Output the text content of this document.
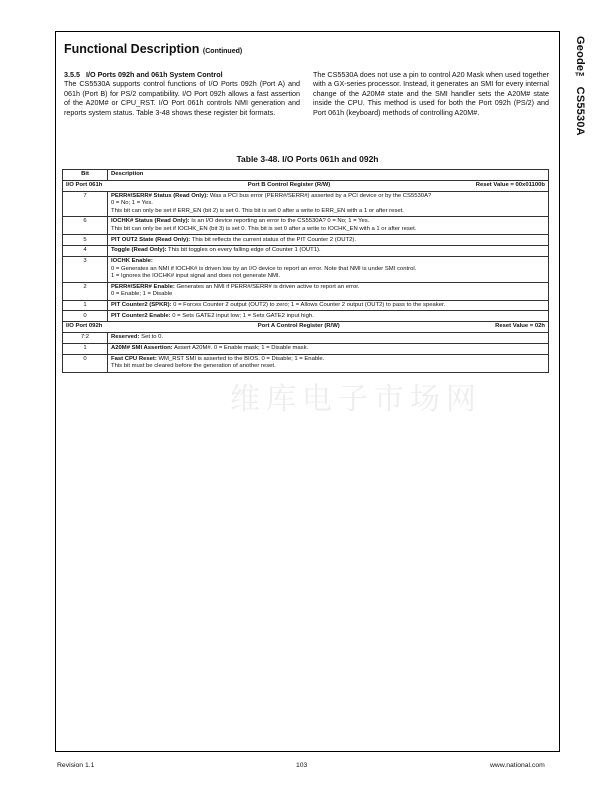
Geode™ CS5530A
Functional Description (Continued)
3.5.5 I/O Ports 092h and 061h System Control
The CS5530A supports control functions of I/O Ports 092h (Port A) and 061h (Port B) for PS/2 compatibility. I/O Port 092h allows a fast assertion of the A20M# or CPU_RST. I/O Port 061h controls NMI generation and reports system status. Table 3-48 shows these register bit formats.
The CS5530A does not use a pin to control A20 Mask when used together with a GX-series processor. Instead, it generates an SMI for every internal change of the A20M# state and the SMI handler sets the A20M# state inside the CPU. This method is used for both the Port 092h (PS/2) and Port 061h (keyboard) methods of controlling A20M#.
Table 3-48. I/O Ports 061h and 092h
维库电子市场网
Bit	Description

I/O Port 061h Port B Control Register (R/W) Reset Value = 00x01100b	

7	PERR#/SERR# Status (Read Only): Was a PCI bus error (PERR#/SERR#) asserted by a PCI device or by the CS5530A?
0 = No; 1 = Yes.
This bit can only be set if ERR_EN (bit 2) is set 0. This bit is set 0 after a write to ERR_EN with a 1 or after reset.

6	IOCHK# Status (Read Only): Is an I/O device reporting an error to the CS5530A? 0 = No; 1 = Yes.
This bit can only be set if IOCHK_EN (bit 3) is set 0. This bit is set 0 after a write to IOCHK_EN with a 1 or after reset.

5	PIT OUT2 State (Read Only): This bit reflects the current status of the PIT Counter 2 (OUT2).

4	Toggle (Read Only): This bit toggles on every falling edge of Counter 1 (OUT1).

3	IOCHK Enable:
0 = Generates an NMI if IOCHK# is driven low by an I/O device to report an error. Note that NMI is under SMI control.
1 = Ignores the IOCHK# input signal and does not generate NMI.

2	PERR#/SERR# Enable: Generates an NMI if PERR#/SERR# is driven active to report an error.
0 = Enable; 1 = Disable

1	PIT Counter2 (SPKR): 0 = Forces Counter 2 output (OUT2) to zero; 1 = Allows Counter 2 output (OUT2) to pass to the speaker.

0	PIT Counter2 Enable: 0 = Sets GATE2 input low; 1 = Sets GATE2 input high.

I/O Port 092h Port A Control Register (R/W) Reset Value = 02h	

7:2	Reserved: Set to 0.

1	A20M# SMI Assertion: Assert A20M#. 0 = Enable mask; 1 = Disable mask.

0	Fast CPU Reset: WM_RST SMI is asserted to the BIOS. 0 = Disable; 1 = Enable.
This bit must be cleared before the generation of another reset.
Revision 1.1	103	www.national.com
